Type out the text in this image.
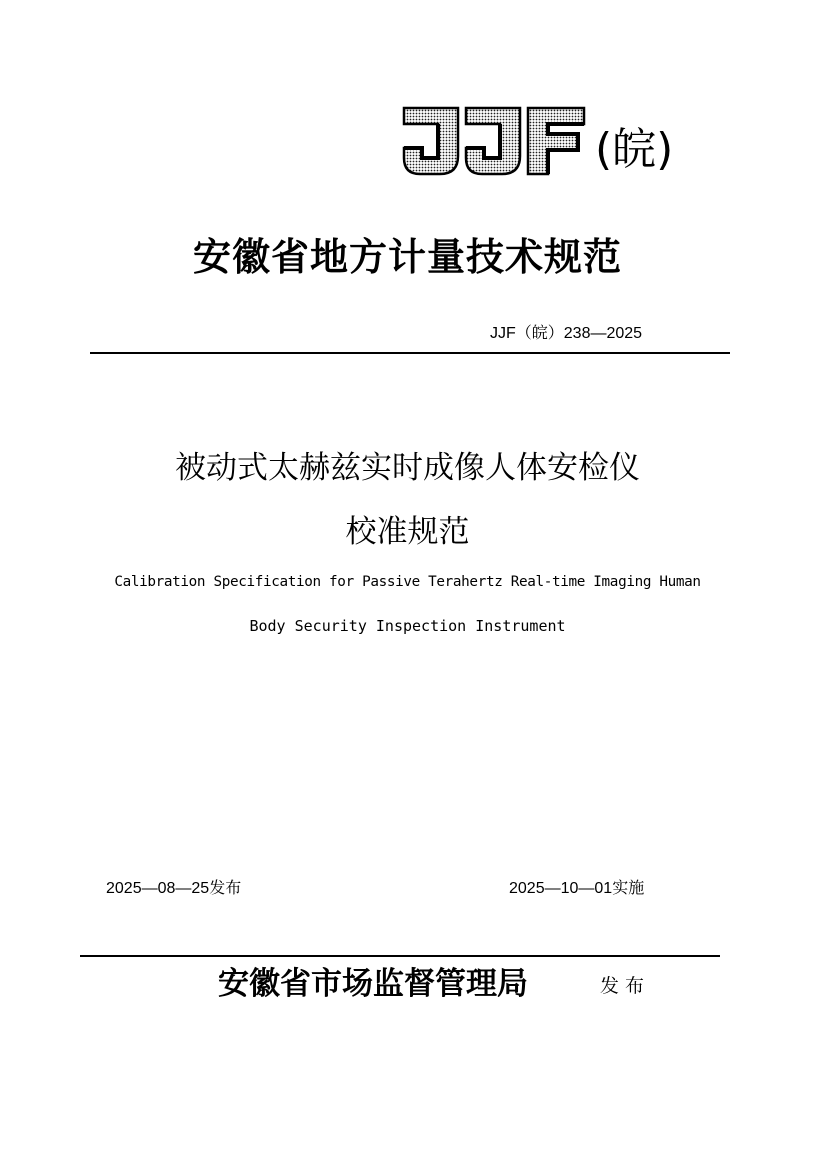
(皖)
安徽省地方计量技术规范
JJF（皖）238—2025
被动式太赫兹实时成像人体安检仪
校准规范
Calibration Specification for Passive Terahertz Real-time Imaging Human
Body Security Inspection Instrument
2025—08—25发布	2025—10—01实施
安徽省市场监督管理局	发布
